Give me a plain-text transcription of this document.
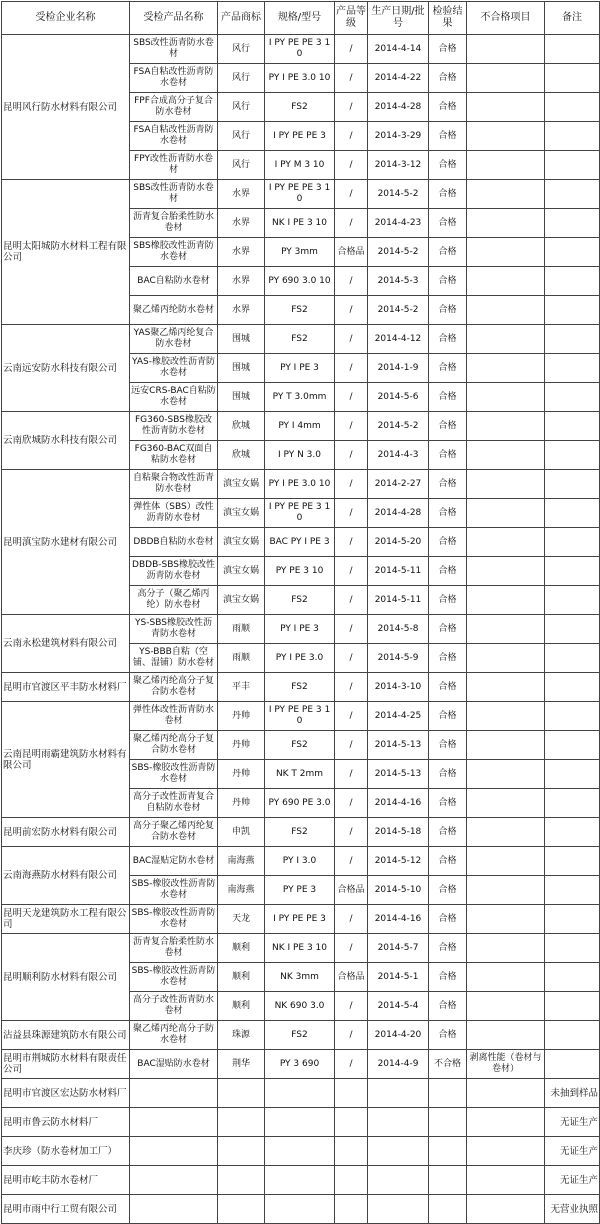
受检企业名称	受检产品名称	产品商标	规格/型号	产品等级	生产日期/批号	检验结果	不合格项目	备注
昆明风行防水材料有限公司	SBS改性沥青防水卷材	风行	I PY PE PE 3 10	/	2014-4-14	合格		
	FSA自粘改性沥青防水卷材	风行	PY I PE 3.0 10	/	2014-4-22	合格		
	FPF合成高分子复合防水卷材	风行	FS2	/	2014-4-28	合格		
	FSA自粘改性沥青防水卷材	风行	I PY PE PE 3	/	2014-3-29	合格		
	FPY改性沥青防水卷材	风行	I PY M 3 10	/	2014-3-12	合格		
昆明太阳城防水材料工程有限公司	SBS改性沥青防水卷材	水界	I PY PE PE 3 10	/	2014-5-2	合格		
	沥青复合胎柔性防水卷材	水界	NK I PE 3 10	/	2014-4-23	合格		
	SBS橡胶改性沥青防水卷材	水界	PY 3mm	合格品	2014-5-2	合格		
	BAC自粘防水卷材	水界	PY 690 3.0 10	/	2014-5-3	合格		
	聚乙烯丙纶防水卷材	水界	FS2	/	2014-5-2	合格		
云南远安防水科技有限公司	YAS聚乙烯丙纶复合防水卷材	围城	FS2	/	2014-4-12	合格		
	YAS-橡胶改性沥青防水卷材	围城	PY I PE 3	/	2014-1-9	合格		
	远安CRS-BAC自粘防水卷材	围城	PY T 3.0mm	/	2014-5-6	合格		
云南欣城防水科技有限公司	FG360-SBS橡胶改性沥青防水卷材	欣城	PY I 4mm	/	2014-5-2	合格		
	FG360-BAC双面自粘防水卷材	欣城	I PY N 3.0	/	2014-4-3	合格		
昆明滇宝防水建材有限公司	自粘聚合物改性沥青防水卷材	滇宝女娲	PY I PE 3.0 10	/	2014-2-27	合格		
	弹性体（SBS）改性沥青防水卷材	滇宝女娲	I PY PE PE 3 10	/	2014-4-28	合格		
	DBDB自粘防水卷材	滇宝女娲	BAC PY I PE 3	/	2014-5-20	合格		
	DBDB-SBS橡胶改性沥青防水卷材	滇宝女娲	PY PE 3 10	/	2014-5-11	合格		
	高分子（聚乙烯丙纶）防水卷材	滇宝女娲	FS2	/	2014-5-11	合格		
云南永松建筑材料有限公司	YS-SBS橡胶改性沥青防水卷材	雨顺	PY I PE 3	/	2014-5-8	合格		
	YS-BBB自粘（空铺、湿铺）防水卷材	雨顺	PY I PE 3.0	/	2014-5-9	合格		
昆明市官渡区平丰防水材料厂	聚乙烯丙纶高分子复合防水卷材	平丰	FS2	/	2014-3-10	合格		
云南昆明雨霸建筑防水材料有限公司	弹性体改性沥青防水卷材	丹帅	I PY PE PE 3 10	/	2014-4-25	合格		
	聚乙烯丙纶高分子复合防水卷材	丹帅	FS2	/	2014-5-13	合格		
	SBS-橡胶改性沥青防水卷材	丹帅	NK T 2mm	/	2014-5-13	合格		
	高分子改性沥青复合自粘防水卷材	丹帅	PY 690 PE 3.0	/	2014-4-16	合格		
昆明前宏防水材料有限公司	高分子聚乙烯丙纶复合防水卷材	申凯	FS2	/	2014-5-18	合格		
云南海燕防水材料有限公司	BAC湿贴定防水卷材	南海燕	PY I 3.0	/	2014-5-12	合格		
	SBS-橡胶改性沥青防水卷材	南海燕	PY PE 3	合格品	2014-5-10	合格		
昆明天龙建筑防水工程有限公司	SBS-橡胶改性沥青防水卷材	天龙	I PY PE PE 3	/	2014-4-16	合格		
昆明顺利防水材料有限公司	沥青复合胎柔性防水卷材	顺利	NK I PE 3 10	/	2014-5-7	合格		
	SBS-橡胶改性沥青防水卷材	顺利	NK 3mm	合格品	2014-5-1	合格		
	高分子改性沥青防水卷材	顺利	NK 690 3.0	/	2014-5-4	合格		
沾益县珠源建筑防水有限公司	聚乙烯丙纶高分子防水卷材	珠源	FS2	/	2014-4-20	合格		
昆明市荆城防水材料有限责任公司	BAC湿贴防水卷材	荆华	PY 3 690	/	2014-4-9	不合格	剥离性能（卷材与卷材）	
昆明市官渡区宏达防水材料厂								未抽到样品
昆明市鲁云防水材料厂								无证生产
李庆珍（防水卷材加工厂）								无证生产
昆明市屹丰防水卷材厂								无证生产
昆明市雨中行工贸有限公司								无营业执照
